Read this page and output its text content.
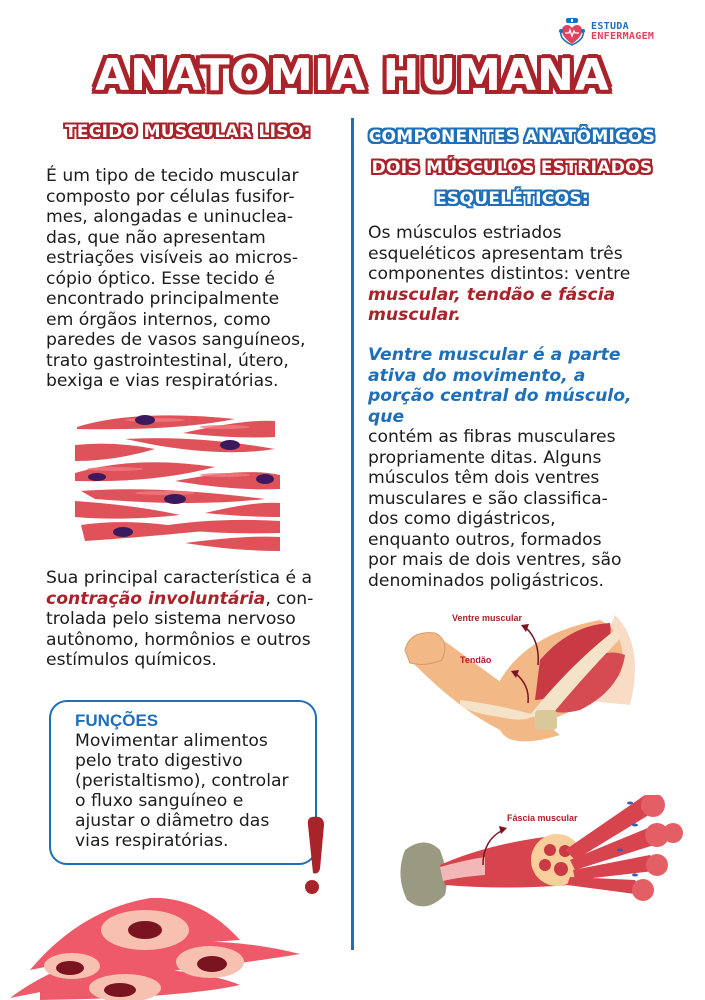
ESTUDA
ENFERMAGEM
ANATOMIA HUMANA
TECIDO MUSCULAR LISO:	COMPONENTES ANATÔMICOS
DOIS MÚSCULOS ESTRIADOS
ESQUELÉTICOS:
É um tipo de tecido muscular
composto por células fusifor-
mes, alongadas e uninuclea-
das, que não apresentam
estriações visíveis ao micros-
cópio óptico. Esse tecido é
encontrado principalmente
em órgãos internos, como
paredes de vasos sanguíneos,
trato gastrointestinal, útero,
bexiga e vias respiratórias.
Sua principal característica é a contração involuntária, con-
trolada pelo sistema nervoso
autônomo, hormônios e outros
estímulos químicos.
FUNÇÕES
Movimentar alimentos
pelo trato digestivo
(peristaltismo), controlar
o fluxo sanguíneo e
ajustar o diâmetro das
vias respiratórias.
Os músculos estriados
esqueléticos apresentam três
componentes distintos: ventre
muscular, tendão e fáscia
muscular.
Ventre muscular é a parte
ativa do movimento, a
porção central do músculo,
que
contém as fibras musculares
propriamente ditas. Alguns
músculos têm dois ventres
musculares e são classifica-
dos como digástricos,
enquanto outros, formados
por mais de dois ventres, são
denominados poligástricos.
Ventre muscular
Tendão
Fáscia muscular
